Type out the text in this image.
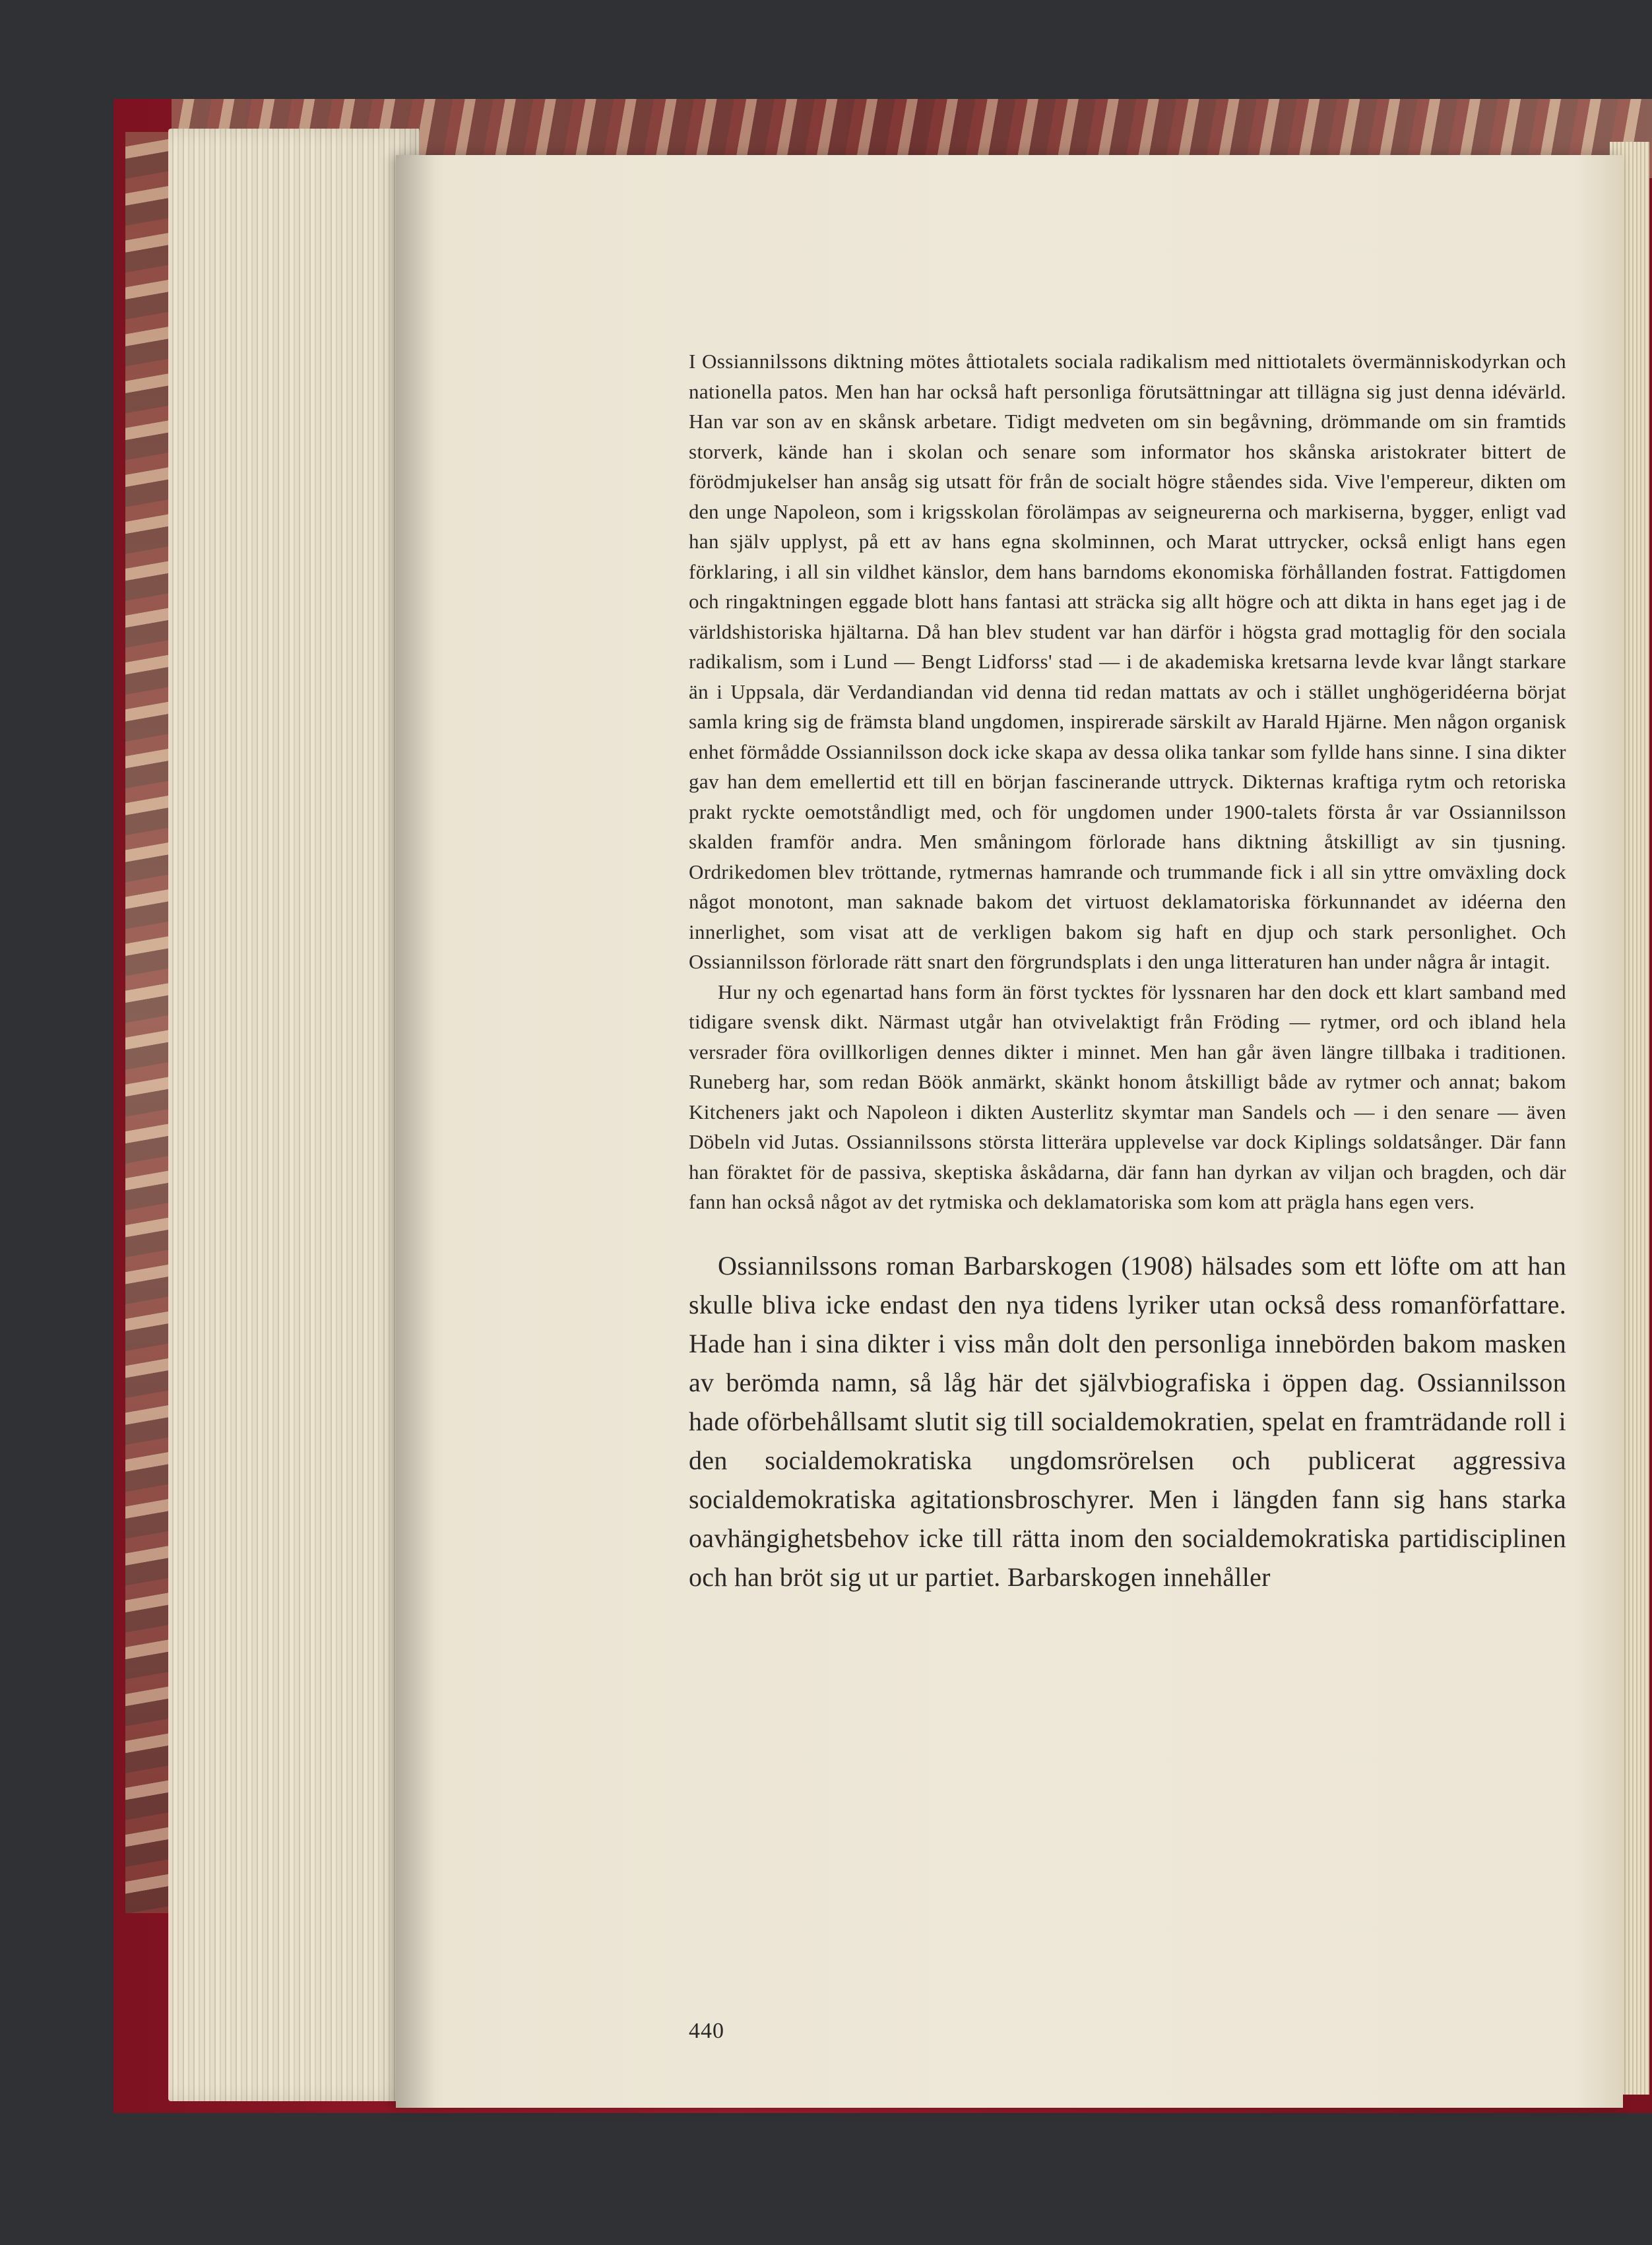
I Ossiannilssons diktning mötes åttiotalets sociala radikalism med nittiotalets övermänniskodyrkan och nationella patos. Men han har också haft personliga förutsättningar att tillägna sig just denna idévärld. Han var son av en skånsk arbetare. Tidigt medveten om sin begåvning, drömmande om sin framtids storverk, kände han i skolan och senare som informator hos skånska aristokrater bittert de förödmjukelser han ansåg sig utsatt för från de socialt högre ståendes sida. Vive l'empereur, dikten om den unge Napoleon, som i krigsskolan förolämpas av seigneurerna och markiserna, bygger, enligt vad han själv upplyst, på ett av hans egna skolminnen, och Marat uttrycker, också enligt hans egen förklaring, i all sin vildhet känslor, dem hans barndoms ekonomiska förhållanden fostrat. Fattigdomen och ringaktningen eggade blott hans fantasi att sträcka sig allt högre och att dikta in hans eget jag i de världshistoriska hjältarna. Då han blev student var han därför i högsta grad mottaglig för den sociala radikalism, som i Lund — Bengt Lidforss' stad — i de akademiska kretsarna levde kvar långt starkare än i Uppsala, där Verdandiandan vid denna tid redan mattats av och i stället unghögeridéerna börjat samla kring sig de främsta bland ungdomen, inspirerade särskilt av Harald Hjärne. Men någon organisk enhet förmådde Ossiannilsson dock icke skapa av dessa olika tankar som fyllde hans sinne. I sina dikter gav han dem emellertid ett till en början fascinerande uttryck. Dikternas kraftiga rytm och retoriska prakt ryckte oemotståndligt med, och för ungdomen under 1900-talets första år var Ossiannilsson skalden framför andra. Men småningom förlorade hans diktning åtskilligt av sin tjusning. Ordrikedomen blev tröttande, rytmernas hamrande och trummande fick i all sin yttre omväxling dock något monotont, man saknade bakom det virtuost deklamatoriska förkunnandet av idéerna den innerlighet, som visat att de verkligen bakom sig haft en djup och stark personlighet. Och Ossiannilsson förlorade rätt snart den förgrundsplats i den unga litteraturen han under några år intagit.

Hur ny och egenartad hans form än först tycktes för lyssnaren har den dock ett klart samband med tidigare svensk dikt. Närmast utgår han otvivelaktigt från Fröding — rytmer, ord och ibland hela versrader föra ovillkorligen dennes dikter i minnet. Men han går även längre tillbaka i traditionen. Runeberg har, som redan Böök anmärkt, skänkt honom åtskilligt både av rytmer och annat; bakom Kitcheners jakt och Napoleon i dikten Austerlitz skymtar man Sandels och — i den senare — även Döbeln vid Jutas. Ossiannilssons största litterära upplevelse var dock Kiplings soldatsånger. Där fann han föraktet för de passiva, skeptiska åskådarna, där fann han dyrkan av viljan och bragden, och där fann han också något av det rytmiska och deklamatoriska som kom att prägla hans egen vers.

Ossiannilssons roman Barbarskogen (1908) hälsades som ett löfte om att han skulle bliva icke endast den nya tidens lyriker utan också dess romanförfattare. Hade han i sina dikter i viss mån dolt den personliga innebörden bakom masken av berömda namn, så låg här det självbiografiska i öppen dag. Ossiannilsson hade oförbehållsamt slutit sig till socialdemokratien, spelat en framträdande roll i den socialdemokratiska ungdomsrörelsen och publicerat aggressiva socialdemokratiska agitationsbroschyrer. Men i längden fann sig hans starka oavhängighetsbehov icke till rätta inom den socialdemokratiska partidisciplinen och han bröt sig ut ur partiet. Barbarskogen innehåller

440
